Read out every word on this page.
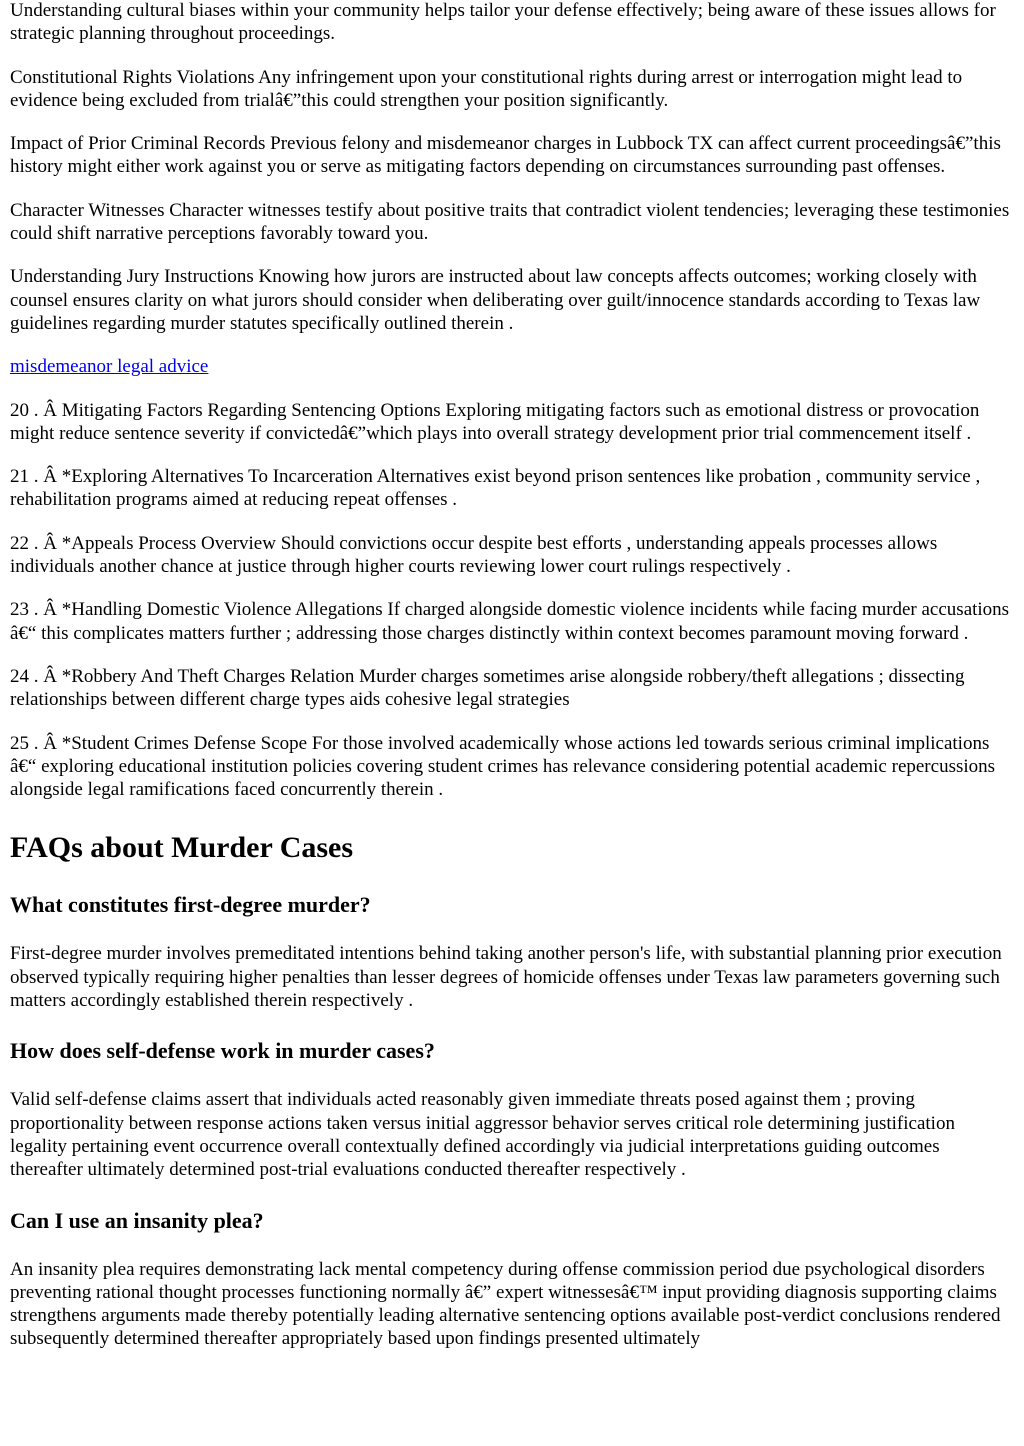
Understanding cultural biases within your community helps tailor your defense effectively; being aware of these issues allows for strategic planning throughout proceedings.

Constitutional Rights Violations Any infringement upon your constitutional rights during arrest or interrogation might lead to evidence being excluded from trialâ€”this could strengthen your position significantly.

Impact of Prior Criminal Records Previous felony and misdemeanor charges in Lubbock TX can affect current proceedingsâ€”this history might either work against you or serve as mitigating factors depending on circumstances surrounding past offenses.

Character Witnesses Character witnesses testify about positive traits that contradict violent tendencies; leveraging these testimonies could shift narrative perceptions favorably toward you.

Understanding Jury Instructions Knowing how jurors are instructed about law concepts affects outcomes; working closely with counsel ensures clarity on what jurors should consider when deliberating over guilt/innocence standards according to Texas law guidelines regarding murder statutes specifically outlined therein .

misdemeanor legal advice

20 . Â Mitigating Factors Regarding Sentencing Options Exploring mitigating factors such as emotional distress or provocation might reduce sentence severity if convictedâ€”which plays into overall strategy development prior trial commencement itself .

21 . Â *Exploring Alternatives To Incarceration Alternatives exist beyond prison sentences like probation , community service , rehabilitation programs aimed at reducing repeat offenses .

22 . Â *Appeals Process Overview Should convictions occur despite best efforts , understanding appeals processes allows individuals another chance at justice through higher courts reviewing lower court rulings respectively .

23 . Â *Handling Domestic Violence Allegations If charged alongside domestic violence incidents while facing murder accusations â€“ this complicates matters further ; addressing those charges distinctly within context becomes paramount moving forward .

24 . Â *Robbery And Theft Charges Relation Murder charges sometimes arise alongside robbery/theft allegations ; dissecting relationships between different charge types aids cohesive legal strategies

25 . Â *Student Crimes Defense Scope For those involved academically whose actions led towards serious criminal implications â€“ exploring educational institution policies covering student crimes has relevance considering potential academic repercussions alongside legal ramifications faced concurrently therein .

FAQs about Murder Cases
What constitutes first-degree murder?

First-degree murder involves premeditated intentions behind taking another person's life, with substantial planning prior execution observed typically requiring higher penalties than lesser degrees of homicide offenses under Texas law parameters governing such matters accordingly established therein respectively .

How does self-defense work in murder cases?

Valid self-defense claims assert that individuals acted reasonably given immediate threats posed against them ; proving proportionality between response actions taken versus initial aggressor behavior serves critical role determining justification legality pertaining event occurrence overall contextually defined accordingly via judicial interpretations guiding outcomes thereafter ultimately determined post-trial evaluations conducted thereafter respectively .

Can I use an insanity plea?

An insanity plea requires demonstrating lack mental competency during offense commission period due psychological disorders preventing rational thought processes functioning normally â€” expert witnessesâ€™ input providing diagnosis supporting claims strengthens arguments made thereby potentially leading alternative sentencing options available post-verdict conclusions rendered subsequently determined thereafter appropriately based upon findings presented ultimately
